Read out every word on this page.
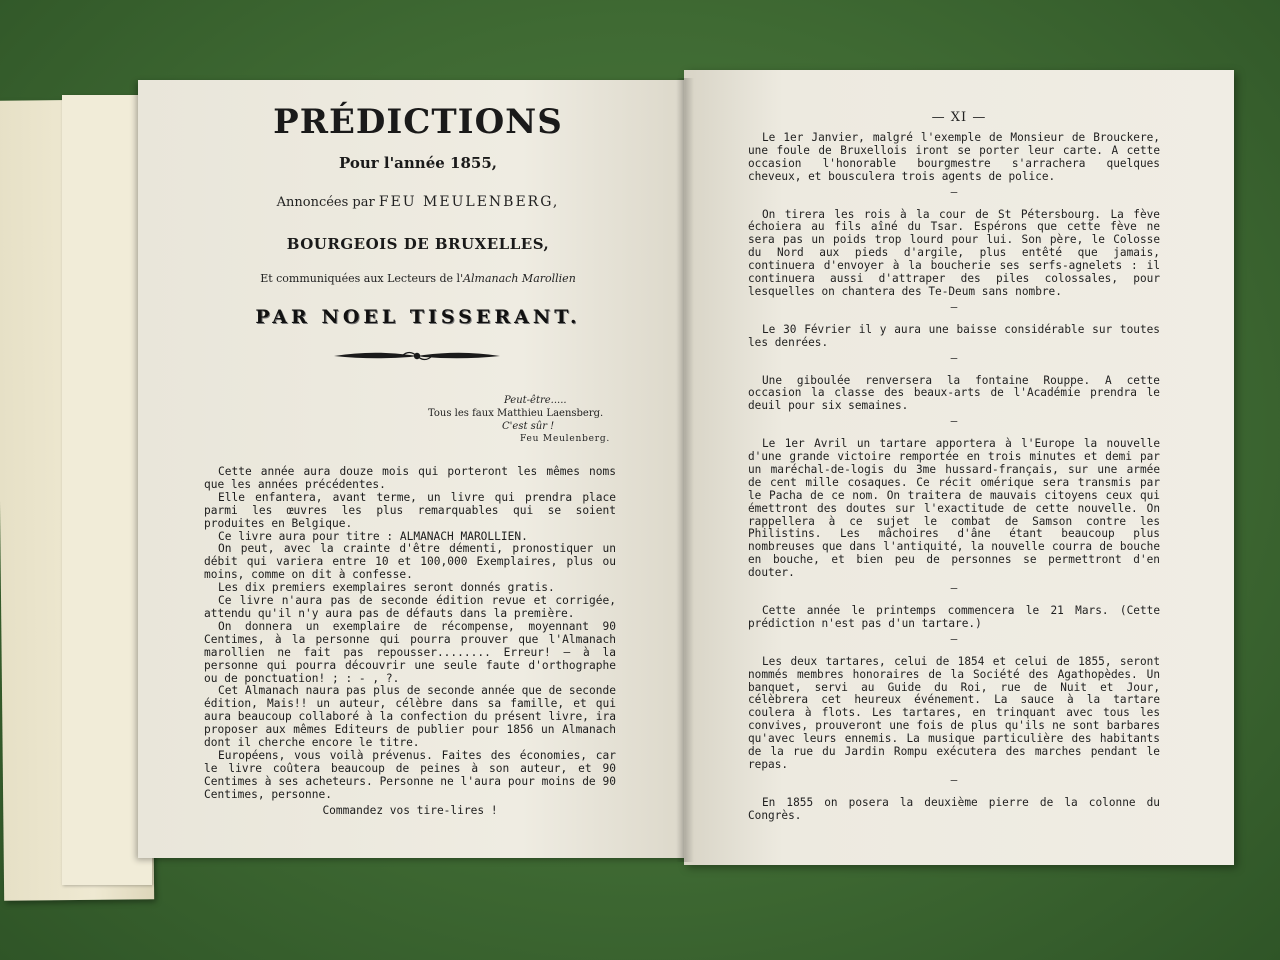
PRÉDICTIONS
Pour l'année 1855,
Annoncées par FEU MEULENBERG,
BOURGEOIS DE BRUXELLES,
Et communiquées aux Lecteurs de l'Almanach Marollien
PAR NOEL TISSERANT.
Peut-être.....
Tous les faux Matthieu Laensberg.
C'est sûr !
Feu Meulenberg.

Cette année aura douze mois qui porteront les mêmes noms que les années précédentes.

Elle enfantera, avant terme, un livre qui prendra place parmi les œuvres les plus remarquables qui se soient produites en Belgique.

Ce livre aura pour titre : ALMANACH MAROLLIEN.

On peut, avec la crainte d'être démenti, pronostiquer un débit qui variera entre 10 et 100,000 Exemplaires, plus ou moins, comme on dit à confesse.

Les dix premiers exemplaires seront donnés gratis.

Ce livre n'aura pas de seconde édition revue et corrigée, attendu qu'il n'y aura pas de défauts dans la première.

On donnera un exemplaire de récompense, moyennant 90 Centimes, à la personne qui pourra prouver que l'Almanach marollien ne fait pas repousser........ Erreur! — à la personne qui pourra découvrir une seule faute d'orthographe ou de ponctuation! ; : - , ?.

Cet Almanach naura pas plus de seconde année que de seconde édition, Mais!! un auteur, célèbre dans sa famille, et qui aura beaucoup collaboré à la confection du présent livre, ira proposer aux mêmes Editeurs de publier pour 1856 un Almanach dont il cherche encore le titre.

Européens, vous voilà prévenus. Faites des économies, car le livre coûtera beaucoup de peines à son auteur, et 90 Centimes à ses acheteurs. Personne ne l'aura pour moins de 90 Centimes, personne.

Commandez vos tire-lires !

— XI —

Le 1er Janvier, malgré l'exemple de Monsieur de Brouckere, une foule de Bruxellois iront se porter leur carte. A cette occasion l'honorable bourgmestre s'arrachera quelques cheveux, et bousculera trois agents de police.

—

On tirera les rois à la cour de St Pétersbourg. La fève échoiera au fils aîné du Tsar. Espérons que cette fève ne sera pas un poids trop lourd pour lui. Son père, le Colosse du Nord aux pieds d'argile, plus entêté que jamais, continuera d'envoyer à la boucherie ses serfs-agnelets : il continuera aussi d'attraper des piles colossales, pour lesquelles on chantera des Te-Deum sans nombre.

—

Le 30 Février il y aura une baisse considérable sur toutes les denrées.

—

Une giboulée renversera la fontaine Rouppe. A cette occasion la classe des beaux-arts de l'Académie prendra le deuil pour six semaines.

—

Le 1er Avril un tartare apportera à l'Europe la nouvelle d'une grande victoire remportée en trois minutes et demi par un maréchal-de-logis du 3me hussard-français, sur une armée de cent mille cosaques. Ce récit omérique sera transmis par le Pacha de ce nom. On traitera de mauvais citoyens ceux qui émettront des doutes sur l'exactitude de cette nouvelle. On rappellera à ce sujet le combat de Samson contre les Philistins. Les mâchoires d'âne étant beaucoup plus nombreuses que dans l'antiquité, la nouvelle courra de bouche en bouche, et bien peu de personnes se permettront d'en douter.

—

Cette année le printemps commencera le 21 Mars. (Cette prédiction n'est pas d'un tartare.)

—

Les deux tartares, celui de 1854 et celui de 1855, seront nommés membres honoraires de la Société des Agathopèdes. Un banquet, servi au Guide du Roi, rue de Nuit et Jour, célèbrera cet heureux événement. La sauce à la tartare coulera à flots. Les tartares, en trinquant avec tous les convives, prouveront une fois de plus qu'ils ne sont barbares qu'avec leurs ennemis. La musique particulière des habitants de la rue du Jardin Rompu exécutera des marches pendant le repas.

—

En 1855 on posera la deuxième pierre de la colonne du Congrès.
